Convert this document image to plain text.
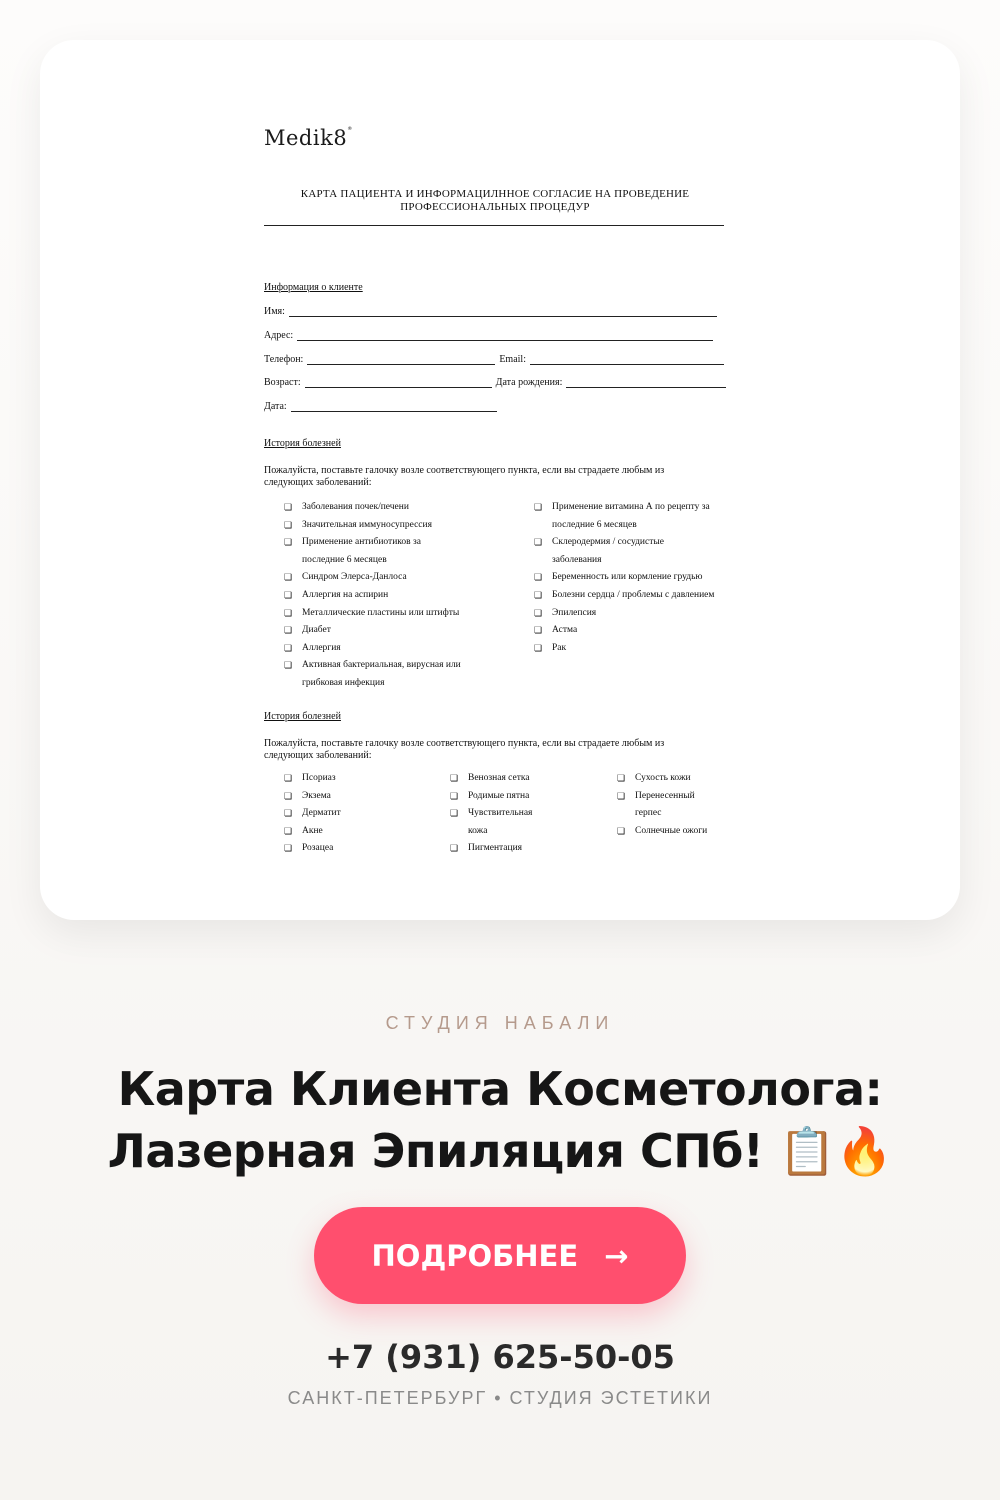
Medik8®
КАРТА ПАЦИЕНТА И ИНФОРМАЦИЛННОЕ СОГЛАСИЕ НА ПРОВЕДЕНИЕ
ПРОФЕССИОНАЛЬНЫХ ПРОЦЕДУР
Информация о клиенте
Имя:
Адрес:
Телефон:	Email:
Возраст:	Дата рождения:
Дата:
История болезней
Пожалуйста, поставьте галочку возле соответствующего пункта, если вы страдаете любым из следующих заболеваний:
❏	Заболевания почек/печени
❏	Значительная иммуносупрессия
❏	Применение антибиотиков за
последние 6 месяцев
❏	Синдром Элерса-Данлоса
❏	Аллергия на аспирин
❏	Металлические пластины или штифты
❏	Диабет
❏	Аллергия
❏	Активная бактериальная, вирусная или
грибковая инфекция
❏	Применение витамина А по рецепту за
последние 6 месяцев
❏	Склеродермия / сосудистые
заболевания
❏	Беременность или кормление грудью
❏	Болезни сердца / проблемы с давлением
❏	Эпилепсия
❏	Астма
❏	Рак
История болезней
Пожалуйста, поставьте галочку возле соответствующего пункта, если вы страдаете любым из следующих заболеваний:
❏	Псориаз
❏	Экзема
❏	Дерматит
❏	Акне
❏	Розацеа
❏	Венозная сетка
❏	Родимые пятна
❏	Чувствительная
кожа
❏	Пигментация
❏	Сухость кожи
❏	Перенесенный
герпес
❏	Солнечные ожоги
СТУДИЯ НАБАЛИ
Карта Клиента Косметолога:
Лазерная Эпиляция СПб! 📋🔥
ПОДРОБНЕЕ →
+7 (931) 625-50-05
САНКТ-ПЕТЕРБУРГ • СТУДИЯ ЭСТЕТИКИ
